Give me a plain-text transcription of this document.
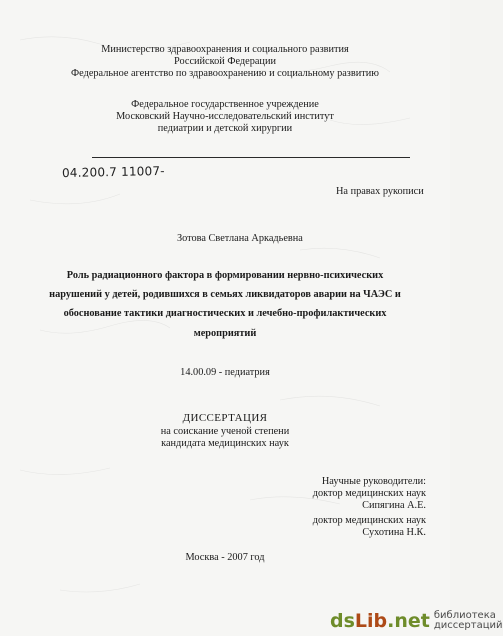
Министерство здравоохранения и социального развития
Российской Федерации
Федеральное агентство по здравоохранению и социальному развитию
Федеральное государственное учреждение
Московский Научно-исследовательский институт
педиатрии и детской хирургии
04.200.7 11007-
На правах рукописи
Зотова Светлана Аркадьевна
Роль радиационного фактора в формировании нервно-психических
нарушений у детей, родившихся в семьях ликвидаторов аварии на ЧАЭС и
обоснование тактики диагностических и лечебно-профилактических
мероприятий
14.00.09 - педиатрия
ДИССЕРТАЦИЯ
на соискание ученой степени
кандидата медицинских наук
Научные руководители:
доктор медицинских наук
Сипягина А.Е.
доктор медицинских наук
Сухотина Н.К.
Москва - 2007 год
dsLib.net библиотека
диссертаций
